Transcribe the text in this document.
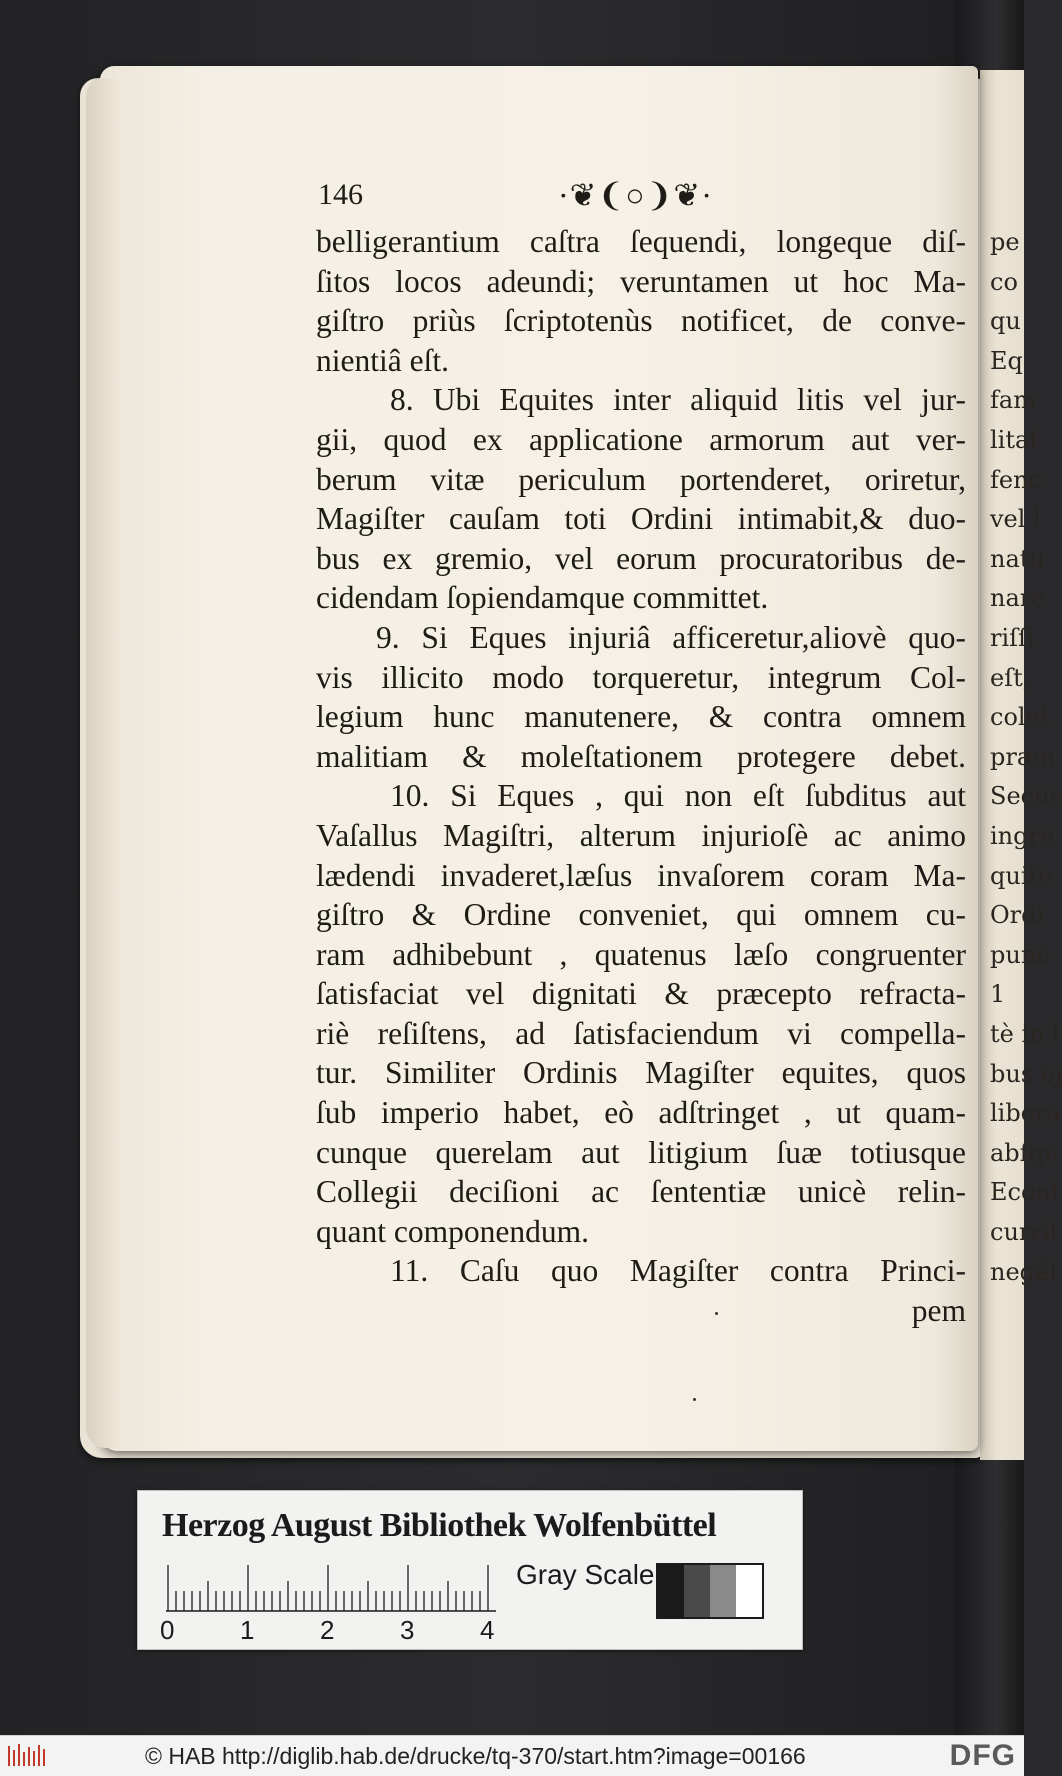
pe
co
qu
Eq
fam
litat
fenc
vel l
natu
nare
riſſi
eſt,
colet
præn
Secùs
ingre
quite
Ordi
punè
1
tè in l
bus ej
libera
abſqu
Econt
curriſ
negâſ
146	·❦❨○❩❦·
belligerantium caſtra ſequendi, longeque diſ-
ſitos locos adeundi; veruntamen ut hoc Ma-
giſtro priùs ſcriptotenùs notificet, de conve-
nientiâ eſt.
8. Ubi Equites inter aliquid litis vel jur-
gii, quod ex applicatione armorum aut ver-
berum vitæ periculum portenderet, oriretur,
Magiſter cauſam toti Ordini intimabit,& duo-
bus ex gremio, vel eorum procuratoribus de-
cidendam ſopiendamque committet.
9. Si Eques injuriâ afficeretur,aliovè quo-
vis illicito modo torqueretur, integrum Col-
legium hunc manutenere, & contra omnem
malitiam & moleſtationem protegere debet.
10. Si Eques , qui non eſt ſubditus aut
Vaſallus Magiſtri, alterum injurioſè ac animo
lædendi invaderet,læſus invaſorem coram Ma-
giſtro & Ordine conveniet, qui omnem cu-
ram adhibebunt , quatenus læſo congruenter
ſatisfaciat vel dignitati & præcepto refractа-
riè reſiſtens, ad ſatisfaciendum vi compella-
tur. Similiter Ordinis Magiſter equites, quos
ſub imperio habet, eò adſtringet , ut quam-
cunque querelam aut litigium ſuæ totiusque
Collegii deciſioni ac ſententiæ unicè relin-
quant componendum.
11. Caſu quo Magiſter contra Princi-
pem
Herzog August Bibliothek Wolfenbüttel
0	1	2	3	4
Gray Scale
© HAB http://diglib.hab.de/drucke/tq-370/start.htm?image=00166	DFG
